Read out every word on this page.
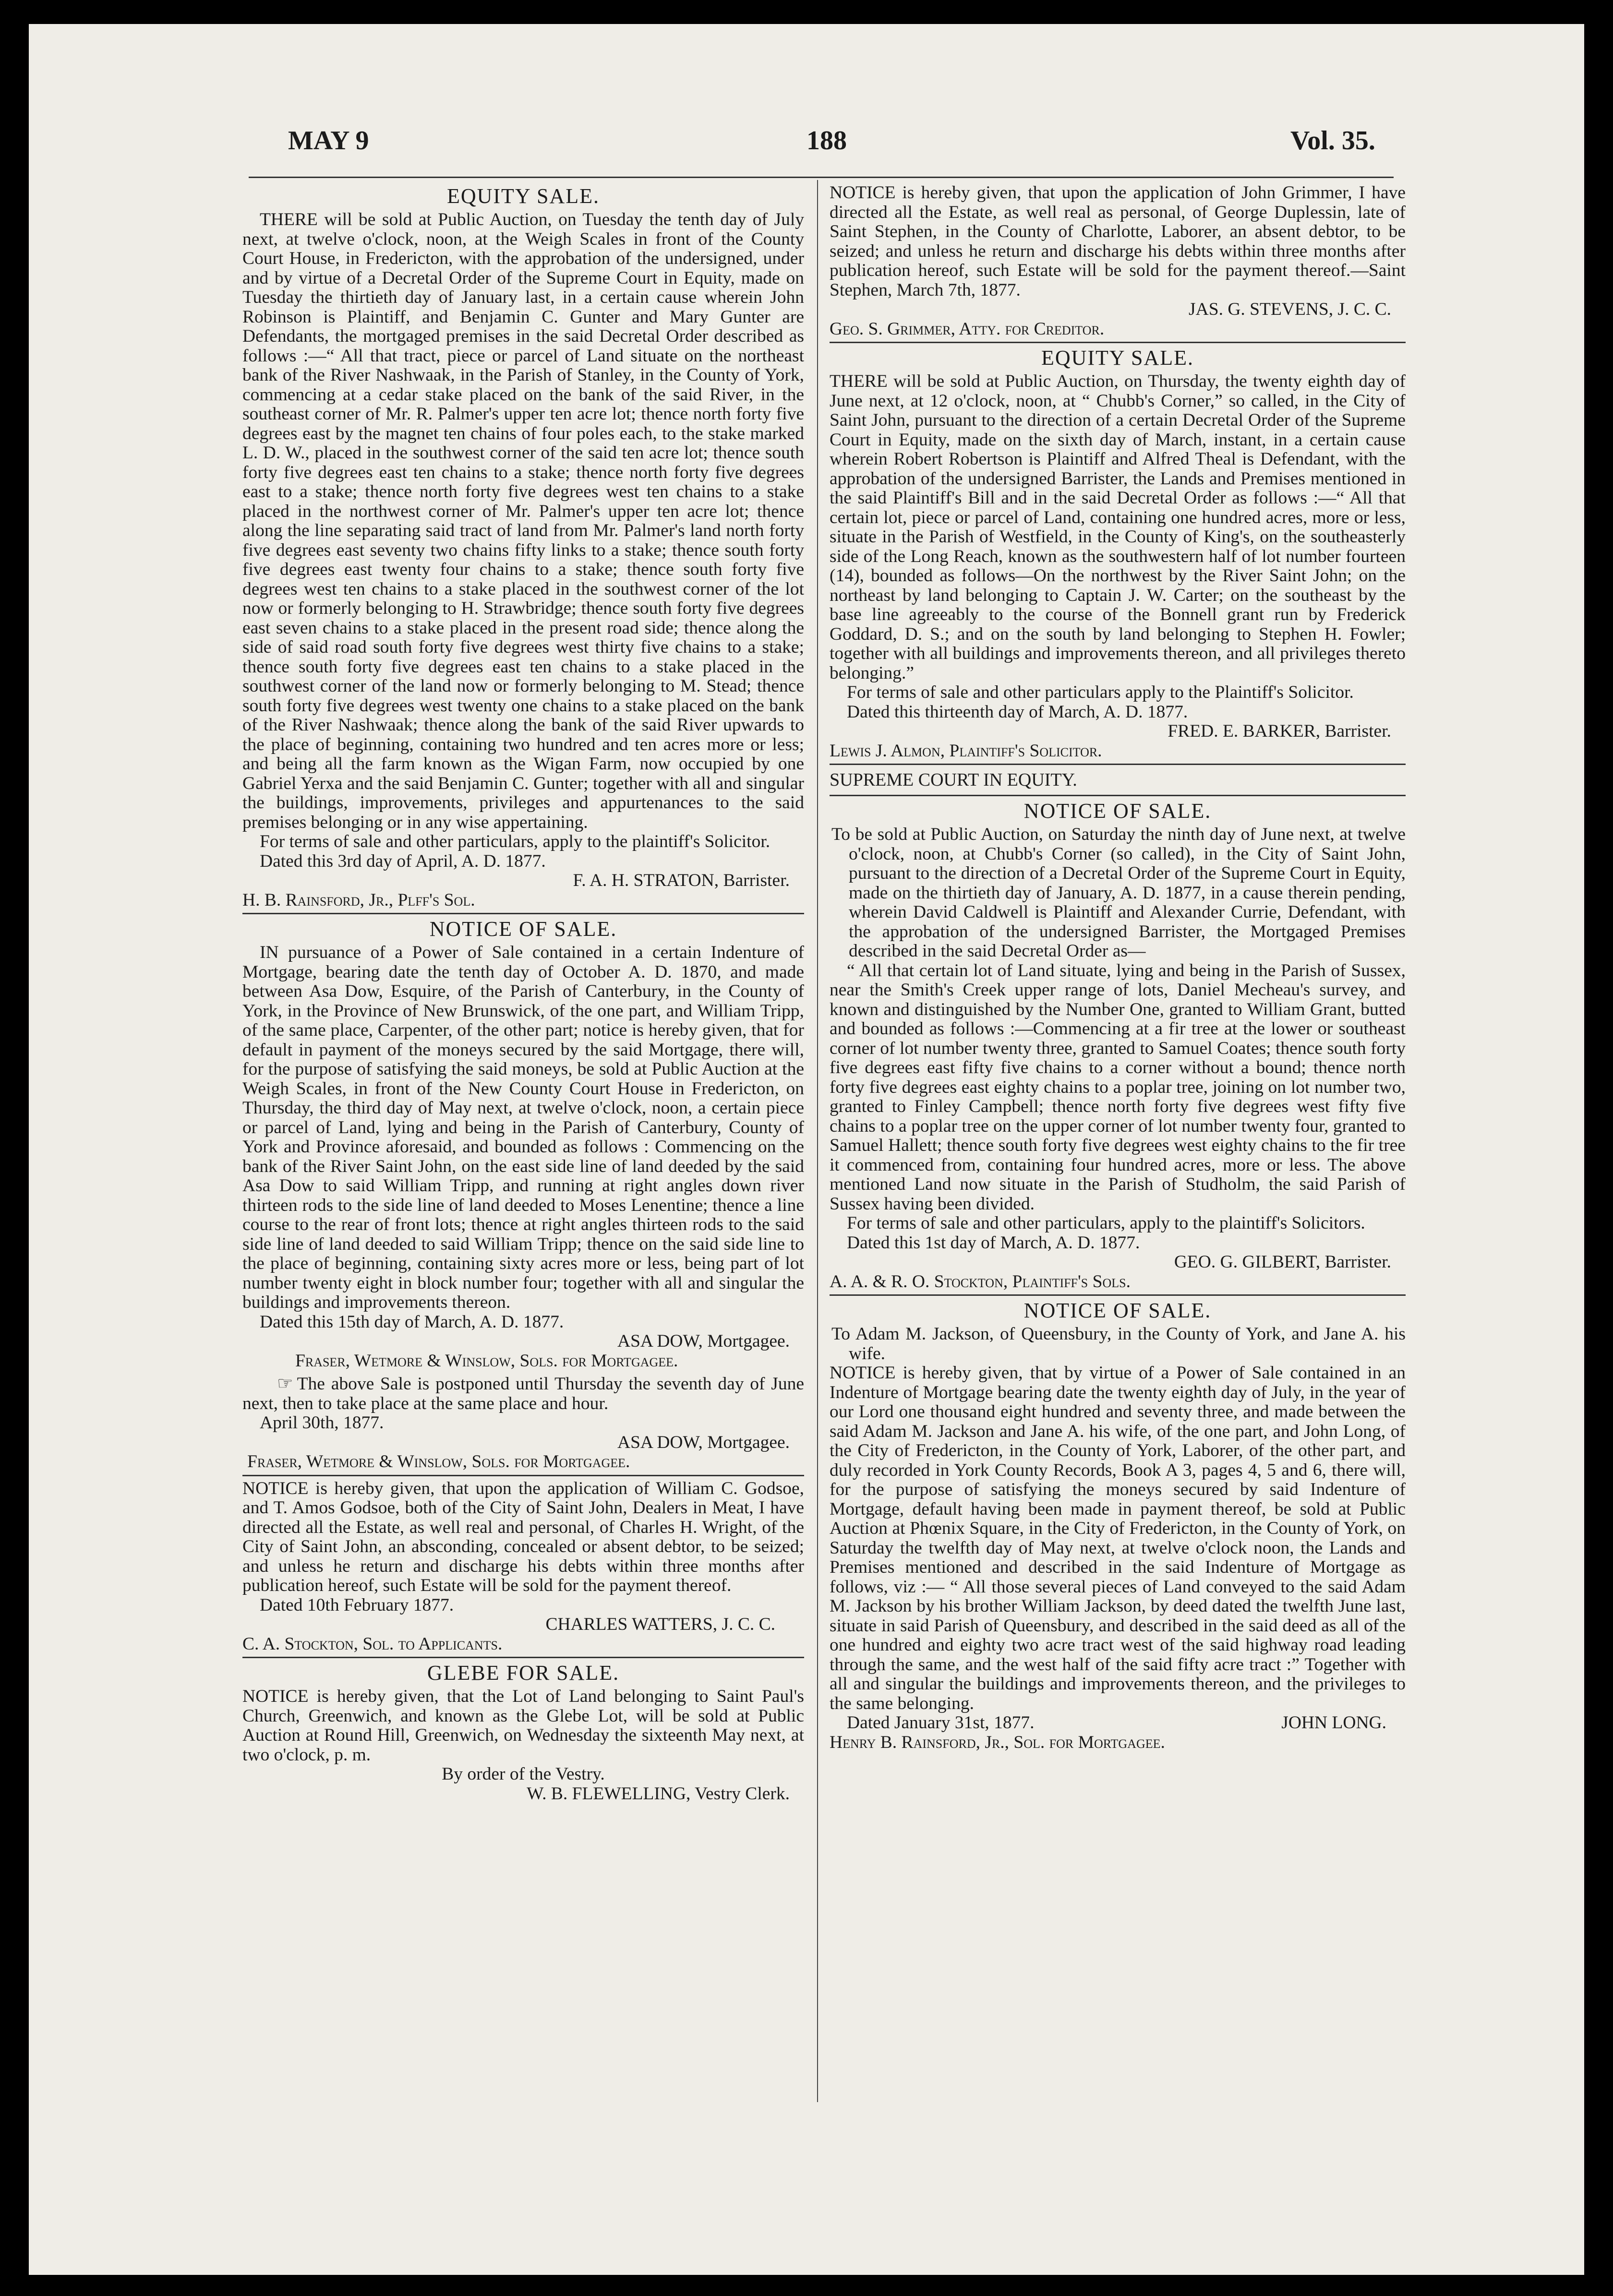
MAY 9	188	Vol. 35.
EQUITY SALE.

THERE will be sold at Public Auction, on Tuesday the tenth day of July next, at twelve o'clock, noon, at the Weigh Scales in front of the County Court House, in Fredericton, with the approbation of the undersigned, under and by virtue of a Decretal Order of the Supreme Court in Equity, made on Tuesday the thirtieth day of January last, in a certain cause wherein John Robinson is Plaintiff, and Benjamin C. Gunter and Mary Gunter are Defendants, the mortgaged premises in the said Decretal Order described as follows :—“ All that tract, piece or parcel of Land situate on the northeast bank of the River Nashwaak, in the Parish of Stanley, in the County of York, commencing at a cedar stake placed on the bank of the said River, in the southeast corner of Mr. R. Palmer's upper ten acre lot; thence north forty five degrees east by the magnet ten chains of four poles each, to the stake marked L. D. W., placed in the southwest corner of the said ten acre lot; thence south forty five degrees east ten chains to a stake; thence north forty five degrees east to a stake; thence north forty five degrees west ten chains to a stake placed in the northwest corner of Mr. Palmer's upper ten acre lot; thence along the line separating said tract of land from Mr. Palmer's land north forty five degrees east seventy two chains fifty links to a stake; thence south forty five degrees east twenty four chains to a stake; thence south forty five degrees west ten chains to a stake placed in the southwest corner of the lot now or formerly belonging to H. Strawbridge; thence south forty five degrees east seven chains to a stake placed in the present road side; thence along the side of said road south forty five degrees west thirty five chains to a stake; thence south forty five degrees east ten chains to a stake placed in the southwest corner of the land now or formerly belonging to M. Stead; thence south forty five degrees west twenty one chains to a stake placed on the bank of the River Nashwaak; thence along the bank of the said River upwards to the place of beginning, containing two hundred and ten acres more or less; and being all the farm known as the Wigan Farm, now occupied by one Gabriel Yerxa and the said Benjamin C. Gunter; together with all and singular the buildings, improvements, privileges and appurtenances to the said premises belonging or in any wise appertaining.

For terms of sale and other particulars, apply to the plaintiff's Solicitor.

Dated this 3rd day of April, A. D. 1877.
F. A. H. STRATON, Barrister.
H. B. Rainsford, Jr., Plff's Sol.
NOTICE OF SALE.

IN pursuance of a Power of Sale contained in a certain Indenture of Mortgage, bearing date the tenth day of October A. D. 1870, and made between Asa Dow, Esquire, of the Parish of Canterbury, in the County of York, in the Province of New Brunswick, of the one part, and William Tripp, of the same place, Carpenter, of the other part; notice is hereby given, that for default in payment of the moneys secured by the said Mortgage, there will, for the purpose of satisfying the said moneys, be sold at Public Auction at the Weigh Scales, in front of the New County Court House in Fredericton, on Thursday, the third day of May next, at twelve o'clock, noon, a certain piece or parcel of Land, lying and being in the Parish of Canterbury, County of York and Province aforesaid, and bounded as follows : Commencing on the bank of the River Saint John, on the east side line of land deeded by the said Asa Dow to said William Tripp, and running at right angles down river thirteen rods to the side line of land deeded to Moses Lenentine; thence a line course to the rear of front lots; thence at right angles thirteen rods to the said side line of land deeded to said William Tripp; thence on the said side line to the place of beginning, containing sixty acres more or less, being part of lot number twenty eight in block number four; together with all and singular the buildings and improvements thereon.

Dated this 15th day of March, A. D. 1877.
ASA DOW, Mortgagee.
Fraser, Wetmore & Winslow, Sols. for Mortgagee.

☞ The above Sale is postponed until Thursday the seventh day of June next, then to take place at the same place and hour.

April 30th, 1877.
ASA DOW, Mortgagee.
Fraser, Wetmore & Winslow, Sols. for Mortgagee.

NOTICE is hereby given, that upon the application of William C. Godsoe, and T. Amos Godsoe, both of the City of Saint John, Dealers in Meat, I have directed all the Estate, as well real and personal, of Charles H. Wright, of the City of Saint John, an absconding, concealed or absent debtor, to be seized; and unless he return and discharge his debts within three months after publication hereof, such Estate will be sold for the payment thereof.

Dated 10th February 1877.
CHARLES WATTERS, J. C. C.
C. A. Stockton, Sol. to Applicants.
GLEBE FOR SALE.

NOTICE is hereby given, that the Lot of Land belonging to Saint Paul's Church, Greenwich, and known as the Glebe Lot, will be sold at Public Auction at Round Hill, Greenwich, on Wednesday the sixteenth May next, at two o'clock, p. m.

By order of the Vestry.
W. B. FLEWELLING, Vestry Clerk.

NOTICE is hereby given, that upon the application of John Grimmer, I have directed all the Estate, as well real as personal, of George Duplessin, late of Saint Stephen, in the County of Charlotte, Laborer, an absent debtor, to be seized; and unless he return and discharge his debts within three months after publication hereof, such Estate will be sold for the payment thereof.—Saint Stephen, March 7th, 1877.

JAS. G. STEVENS, J. C. C.
Geo. S. Grimmer, Atty. for Creditor.
EQUITY SALE.

THERE will be sold at Public Auction, on Thursday, the twenty eighth day of June next, at 12 o'clock, noon, at “ Chubb's Corner,” so called, in the City of Saint John, pursuant to the direction of a certain Decretal Order of the Supreme Court in Equity, made on the sixth day of March, instant, in a certain cause wherein Robert Robertson is Plaintiff and Alfred Theal is Defendant, with the approbation of the undersigned Barrister, the Lands and Premises mentioned in the said Plaintiff's Bill and in the said Decretal Order as follows :—“ All that certain lot, piece or parcel of Land, containing one hundred acres, more or less, situate in the Parish of Westfield, in the County of King's, on the southeasterly side of the Long Reach, known as the southwestern half of lot number fourteen (14), bounded as follows—On the northwest by the River Saint John; on the northeast by land belonging to Captain J. W. Carter; on the southeast by the base line agreeably to the course of the Bonnell grant run by Frederick Goddard, D. S.; and on the south by land belonging to Stephen H. Fowler; together with all buildings and improvements thereon, and all privileges thereto belonging.”

For terms of sale and other particulars apply to the Plaintiff's Solicitor.

Dated this thirteenth day of March, A. D. 1877.
FRED. E. BARKER, Barrister.
Lewis J. Almon, Plaintiff's Solicitor.
SUPREME COURT IN EQUITY.
NOTICE OF SALE.

To be sold at Public Auction, on Saturday the ninth day of June next, at twelve o'clock, noon, at Chubb's Corner (so called), in the City of Saint John, pursuant to the direction of a Decretal Order of the Supreme Court in Equity, made on the thirtieth day of January, A. D. 1877, in a cause therein pending, wherein David Caldwell is Plaintiff and Alexander Currie, Defendant, with the approbation of the undersigned Barrister, the Mortgaged Premises described in the said Decretal Order as—

“ All that certain lot of Land situate, lying and being in the Parish of Sussex, near the Smith's Creek upper range of lots, Daniel Mecheau's survey, and known and distinguished by the Number One, granted to William Grant, butted and bounded as follows :—Commencing at a fir tree at the lower or southeast corner of lot number twenty three, granted to Samuel Coates; thence south forty five degrees east fifty five chains to a corner without a bound; thence north forty five degrees east eighty chains to a poplar tree, joining on lot number two, granted to Finley Campbell; thence north forty five degrees west fifty five chains to a poplar tree on the upper corner of lot number twenty four, granted to Samuel Hallett; thence south forty five degrees west eighty chains to the fir tree it commenced from, containing four hundred acres, more or less. The above mentioned Land now situate in the Parish of Studholm, the said Parish of Sussex having been divided.

For terms of sale and other particulars, apply to the plaintiff's Solicitors.

Dated this 1st day of March, A. D. 1877.
GEO. G. GILBERT, Barrister.
A. A. & R. O. Stockton, Plaintiff's Sols.
NOTICE OF SALE.

To Adam M. Jackson, of Queensbury, in the County of York, and Jane A. his wife.

NOTICE is hereby given, that by virtue of a Power of Sale contained in an Indenture of Mortgage bearing date the twenty eighth day of July, in the year of our Lord one thousand eight hundred and seventy three, and made between the said Adam M. Jackson and Jane A. his wife, of the one part, and John Long, of the City of Fredericton, in the County of York, Laborer, of the other part, and duly recorded in York County Records, Book A 3, pages 4, 5 and 6, there will, for the purpose of satisfying the moneys secured by said Indenture of Mortgage, default having been made in payment thereof, be sold at Public Auction at Phœnix Square, in the City of Fredericton, in the County of York, on Saturday the twelfth day of May next, at twelve o'clock noon, the Lands and Premises mentioned and described in the said Indenture of Mortgage as follows, viz :— “ All those several pieces of Land conveyed to the said Adam M. Jackson by his brother William Jackson, by deed dated the twelfth June last, situate in said Parish of Queensbury, and described in the said deed as all of the one hundred and eighty two acre tract west of the said highway road leading through the same, and the west half of the said fifty acre tract :” Together with all and singular the buildings and improvements thereon, and the privileges to the same belonging.

Dated January 31st, 1877.	JOHN LONG.
Henry B. Rainsford, Jr., Sol. for Mortgagee.
